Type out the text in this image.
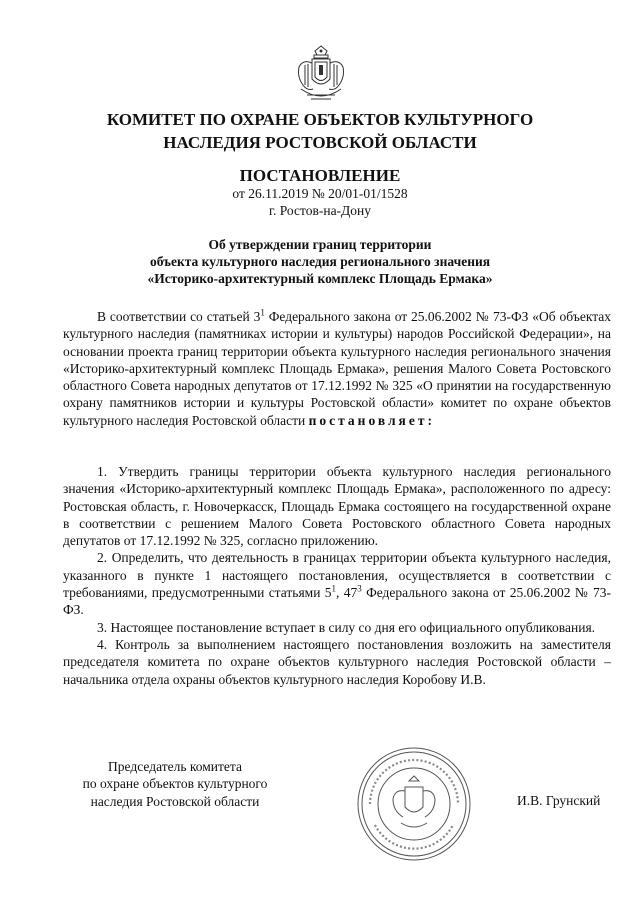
КОМИТЕТ ПО ОХРАНЕ ОБЪЕКТОВ КУЛЬТУРНОГО
НАСЛЕДИЯ РОСТОВСКОЙ ОБЛАСТИ
ПОСТАНОВЛЕНИЕ
от 26.11.2019 № 20/01-01/1528
г. Ростов-на-Дону
Об утверждении границ территории
объекта культурного наследия регионального значения
«Историко-архитектурный комплекс Площадь Ермака»

В соответствии со статьей $3^1$ Федерального закона от 25.06.2002 № 73-ФЗ «Об объектах культурного наследия (памятниках истории и культуры) народов Российской Федерации», на основании проекта границ территории объекта культурного наследия регионального значения «Историко-архитектурный комплекс Площадь Ермака», решения Малого Совета Ростовского областного Совета народных депутатов от 17.12.1992 № 325 «О принятии на государственную охрану памятников истории и культуры Ростовской области» комитет по охране объектов культурного наследия Ростовской области постановляет:

1. Утвердить границы территории объекта культурного наследия регионального значения «Историко-архитектурный комплекс Площадь Ермака», расположенного по адресу: Ростовская область, г. Новочеркасск, Площадь Ермака состоящего на государственной охране в соответствии с решением Малого Совета Ростовского областного Совета народных депутатов от 17.12.1992 № 325, согласно приложению.

2. Определить, что деятельность в границах территории объекта культурного наследия, указанного в пункте 1 настоящего постановления, осуществляется в соответствии с требованиями, предусмотренными статьями $5^1$, $47^3$ Федерального закона от 25.06.2002 № 73-ФЗ.

3. Настоящее постановление вступает в силу со дня его официального опубликования.

4. Контроль за выполнением настоящего постановления возложить на заместителя председателя комитета по охране объектов культурного наследия Ростовской области – начальника отдела охраны объектов культурного наследия Коробову И.В.

Председатель комитета
по охране объектов культурного
наследия Ростовской области	И.В. Грунский
